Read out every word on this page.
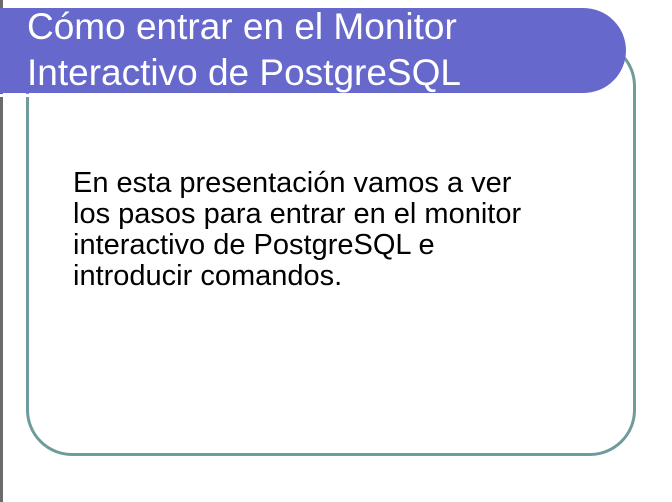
Cómo entrar en el Monitor
Interactivo de PostgreSQL

En esta presentación vamos a ver
los pasos para entrar en el monitor
interactivo de PostgreSQL e
introducir comandos.
